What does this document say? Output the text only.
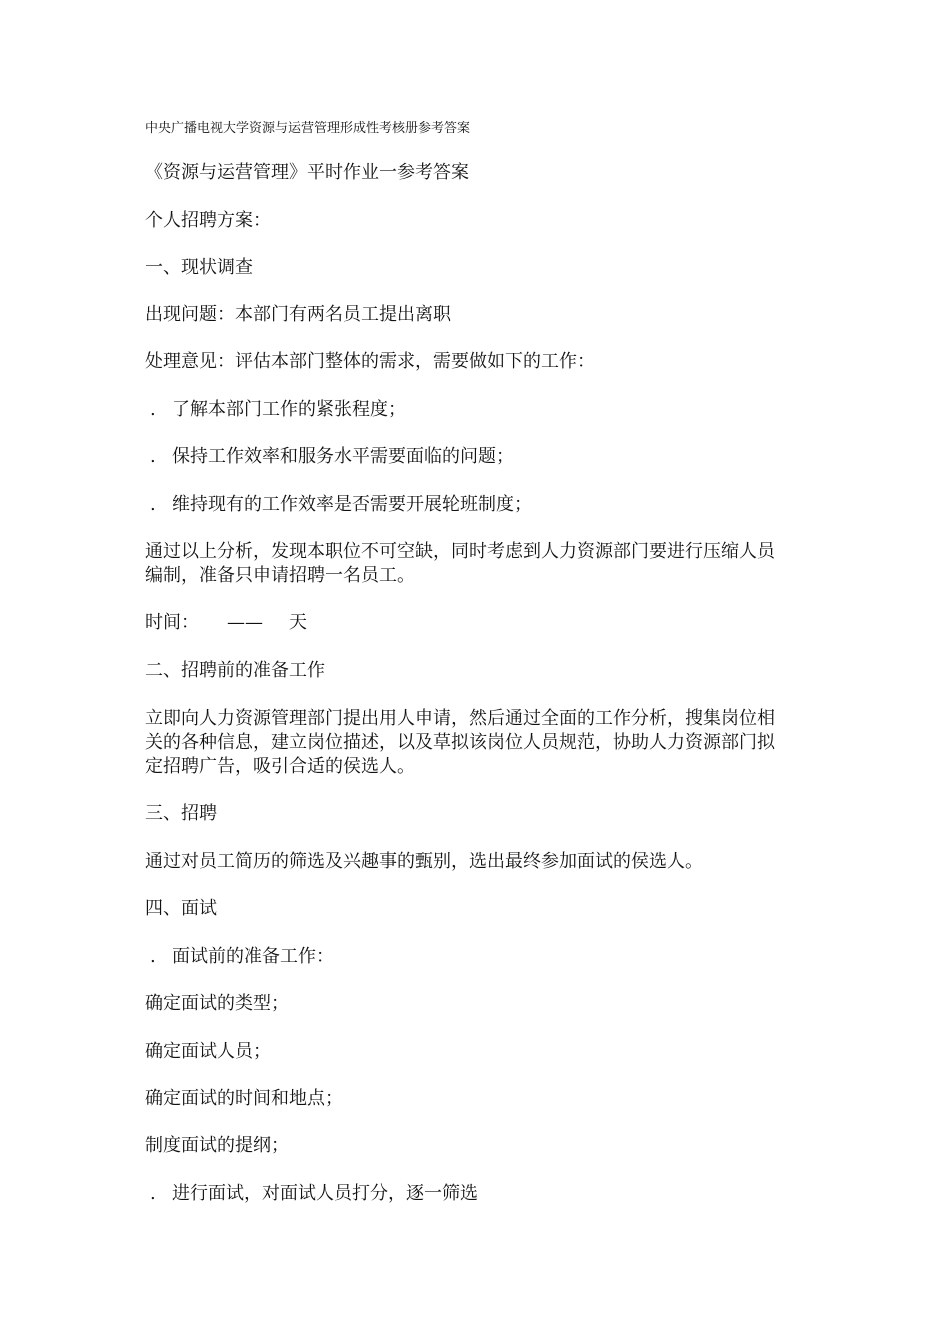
中央广播电视大学资源与运营管理形成性考核册参考答案
《资源与运营管理》平时作业一参考答案
个人招聘方案：
一、现状调查
出现问题：本部门有两名员工提出离职
处理意见：评估本部门整体的需求，需要做如下的工作：
. 了解本部门工作的紧张程度；
. 保持工作效率和服务水平需要面临的问题；
. 维持现有的工作效率是否需要开展轮班制度；
通过以上分析，发现本职位不可空缺，同时考虑到人力资源部门要进行压缩人员
编制，准备只申请招聘一名员工。
时间： —— 天
二、招聘前的准备工作
立即向人力资源管理部门提出用人申请，然后通过全面的工作分析，搜集岗位相
关的各种信息，建立岗位描述，以及草拟该岗位人员规范，协助人力资源部门拟
定招聘广告，吸引合适的侯选人。
三、招聘
通过对员工简历的筛选及兴趣事的甄别，选出最终参加面试的侯选人。
四、面试
. 面试前的准备工作：
确定面试的类型；
确定面试人员；
确定面试的时间和地点；
制度面试的提纲；
. 进行面试，对面试人员打分，逐一筛选
